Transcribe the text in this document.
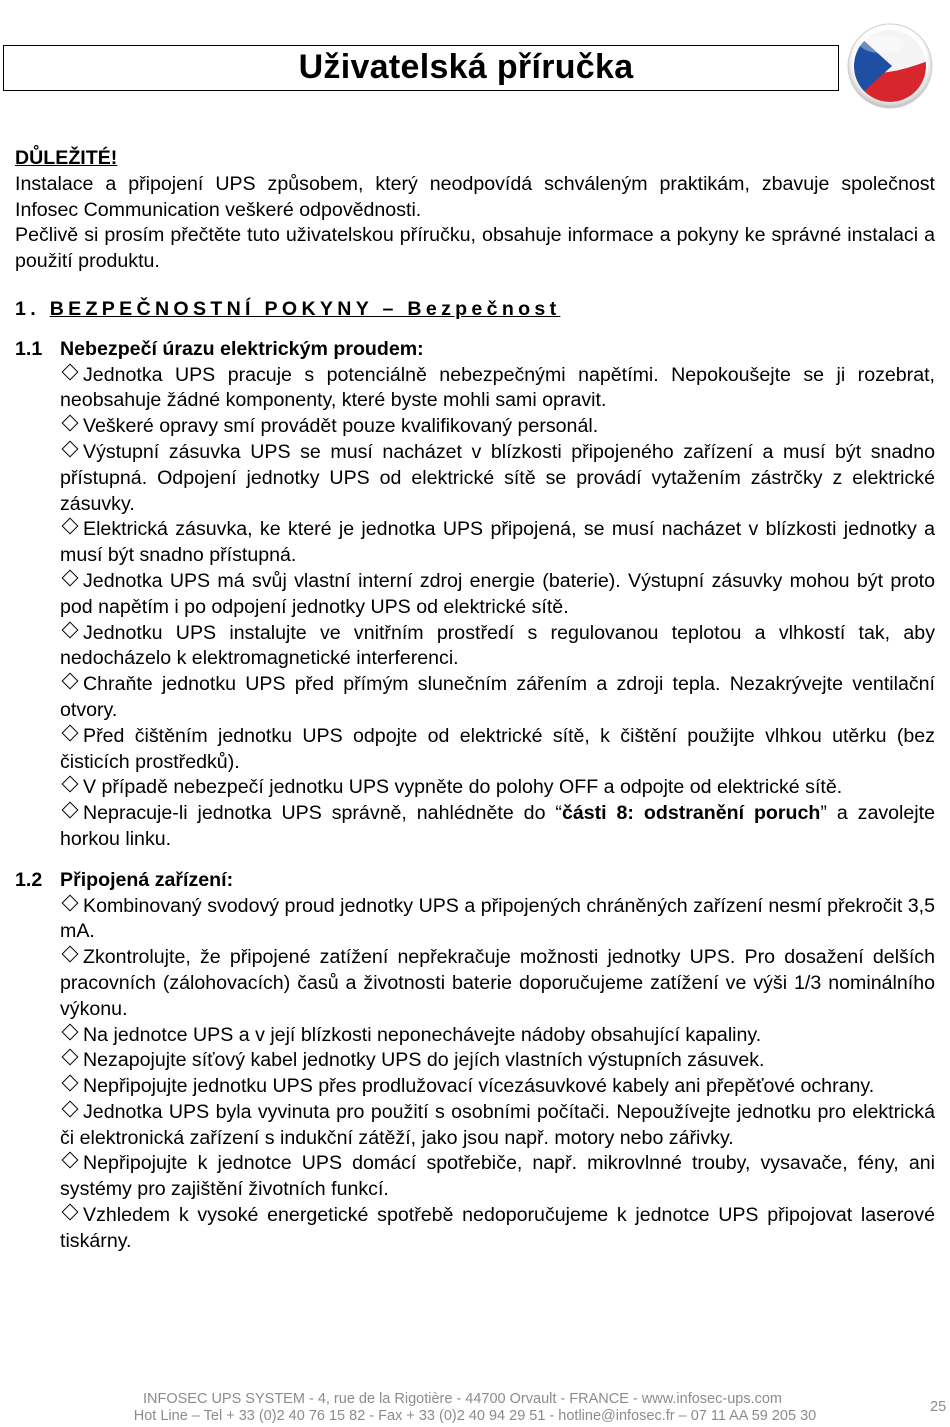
Uživatelská příručka

DŮLEŽITÉ!

Instalace a připojení UPS způsobem, který neodpovídá schváleným praktikám, zbavuje společnost Infosec Communication veškeré odpovědnosti.

Pečlivě si prosím přečtěte tuto uživatelskou příručku, obsahuje informace a pokyny ke správné instalaci a použití produktu.

1. BEZPEČNOSTNÍ POKYNY – Bezpečnost
1.1 Nebezpečí úrazu elektrickým proudem:
Jednotka UPS pracuje s potenciálně nebezpečnými napětími. Nepokoušejte se ji rozebrat, neobsahuje žádné komponenty, které byste mohli sami opravit.
Veškeré opravy smí provádět pouze kvalifikovaný personál.
Výstupní zásuvka UPS se musí nacházet v blízkosti připojeného zařízení a musí být snadno přístupná. Odpojení jednotky UPS od elektrické sítě se provádí vytažením zástrčky z elektrické zásuvky.
Elektrická zásuvka, ke které je jednotka UPS připojená, se musí nacházet v blízkosti jednotky a musí být snadno přístupná.
Jednotka UPS má svůj vlastní interní zdroj energie (baterie). Výstupní zásuvky mohou být proto pod napětím i po odpojení jednotky UPS od elektrické sítě.
Jednotku UPS instalujte ve vnitřním prostředí s regulovanou teplotou a vlhkostí tak, aby nedocházelo k elektromagnetické interferenci.
Chraňte jednotku UPS před přímým slunečním zářením a zdroji tepla. Nezakrývejte ventilační otvory.
Před čištěním jednotku UPS odpojte od elektrické sítě, k čištění použijte vlhkou utěrku (bez čisticích prostředků).
V případě nebezpečí jednotku UPS vypněte do polohy OFF a odpojte od elektrické sítě.
Nepracuje-li jednotka UPS správně, nahlédněte do “části 8: odstranění poruch” a zavolejte horkou linku.
1.2 Připojená zařízení:
Kombinovaný svodový proud jednotky UPS a připojených chráněných zařízení nesmí překročit 3,5 mA.
Zkontrolujte, že připojené zatížení nepřekračuje možnosti jednotky UPS. Pro dosažení delších pracovních (zálohovacích) časů a životnosti baterie doporučujeme zatížení ve výši 1/3 nominálního výkonu.
Na jednotce UPS a v její blízkosti neponechávejte nádoby obsahující kapaliny.
Nezapojujte síťový kabel jednotky UPS do jejích vlastních výstupních zásuvek.
Nepřipojujte jednotku UPS přes prodlužovací vícezásuvkové kabely ani přepěťové ochrany.
Jednotka UPS byla vyvinuta pro použití s osobními počítači. Nepoužívejte jednotku pro elektrická či elektronická zařízení s indukční zátěží, jako jsou např. motory nebo zářivky.
Nepřipojujte k jednotce UPS domácí spotřebiče, např. mikrovlnné trouby, vysavače, fény, ani systémy pro zajištění životních funkcí.
Vzhledem k vysoké energetické spotřebě nedoporučujeme k jednotce UPS připojovat laserové tiskárny.
INFOSEC UPS SYSTEM - 4, rue de la Rigotière - 44700 Orvault - FRANCE - www.infosec-ups.com
Hot Line – Tel + 33 (0)2 40 76 15 82 - Fax + 33 (0)2 40 94 29 51 - hotline@infosec.fr – 07 11 AA 59 205 30
25
